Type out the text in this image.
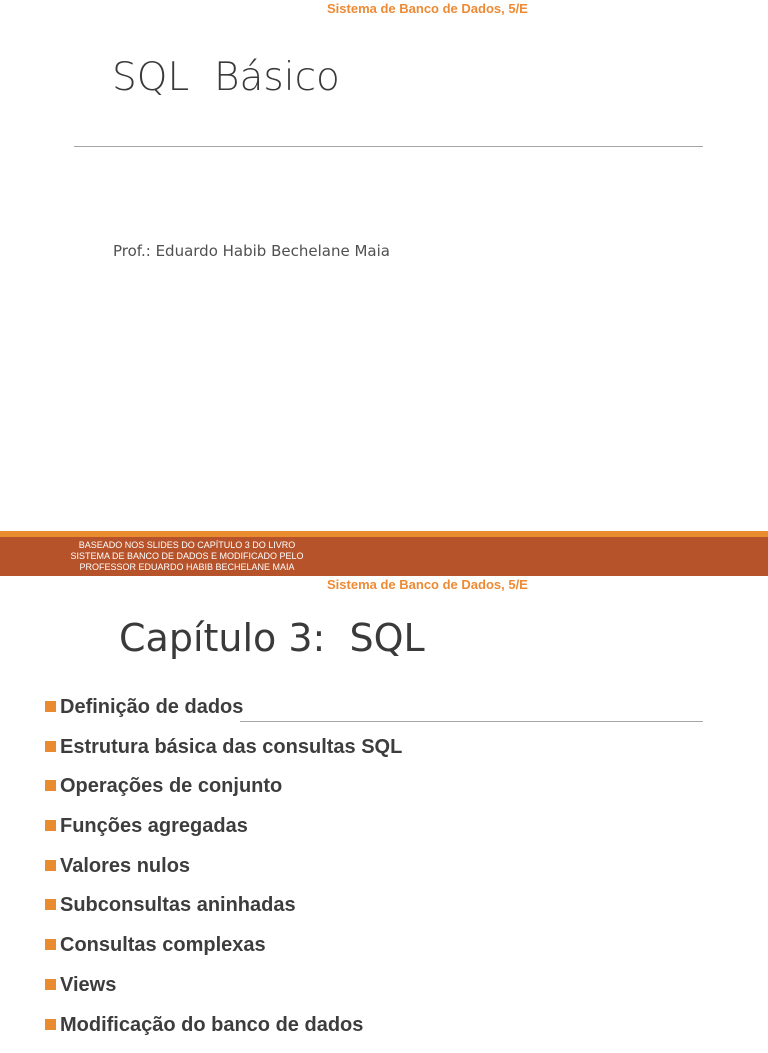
Sistema de Banco de Dados, 5/E
SQL  Básico
Prof.: Eduardo Habib Bechelane Maia
BASEADO NOS SLIDES DO CAPÍTULO 3 DO LIVRO
SISTEMA DE BANCO DE DADOS E MODIFICADO PELO
PROFESSOR EDUARDO HABIB BECHELANE MAIA
Sistema de Banco de Dados, 5/E
Capítulo 3:  SQL
Definição de dados
Estrutura básica das consultas SQL
Operações de conjunto
Funções agregadas
Valores nulos
Subconsultas aninhadas
Consultas complexas
Views
Modificação do banco de dados
